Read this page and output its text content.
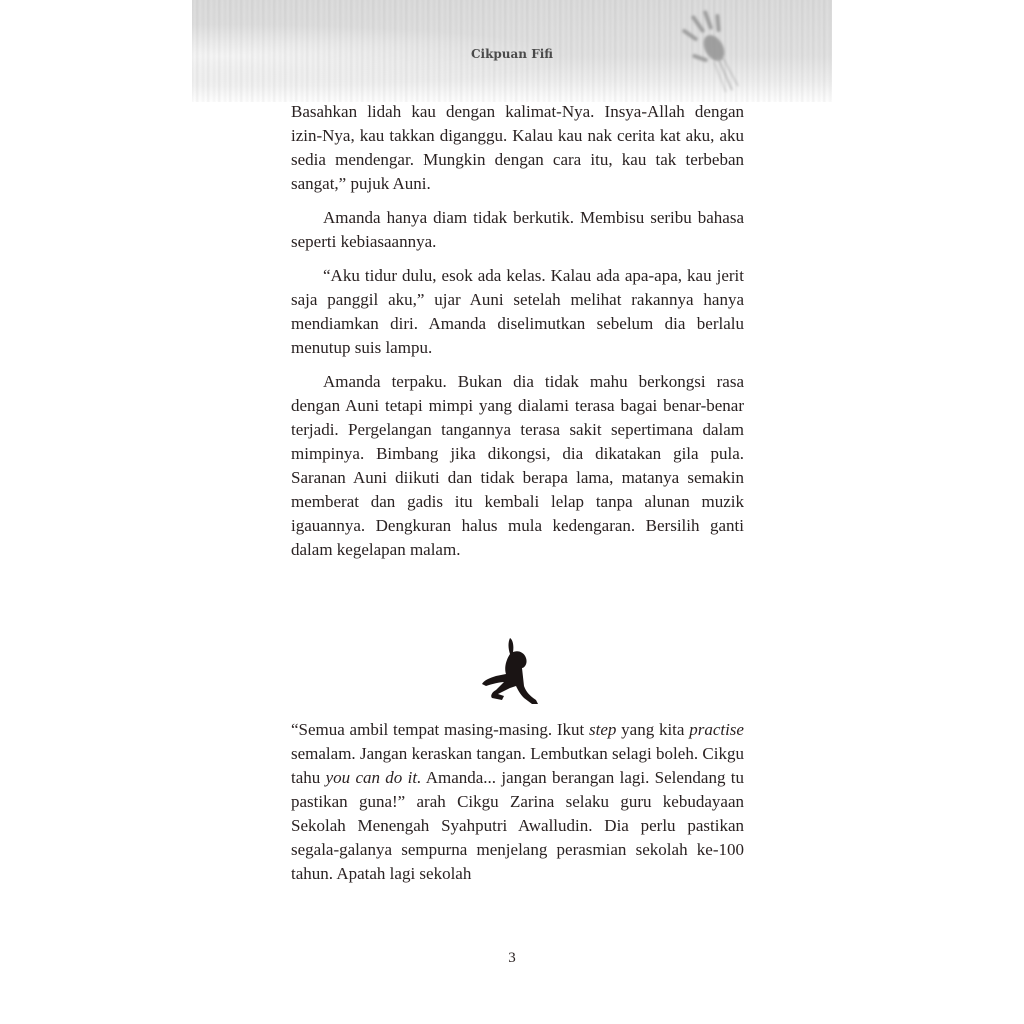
Cikpuan Fifi

Basahkan lidah kau dengan kalimat-Nya. Insya-Allah dengan izin-Nya, kau takkan diganggu. Kalau kau nak cerita kat aku, aku sedia mendengar. Mungkin dengan cara itu, kau tak terbeban sangat,” pujuk Auni.

Amanda hanya diam tidak berkutik. Membisu seribu bahasa seperti kebiasaannya.

“Aku tidur dulu, esok ada kelas. Kalau ada apa-apa, kau jerit saja panggil aku,” ujar Auni setelah melihat rakannya hanya mendiamkan diri. Amanda diselimutkan sebelum dia berlalu menutup suis lampu.

Amanda terpaku. Bukan dia tidak mahu berkongsi rasa dengan Auni tetapi mimpi yang dialami terasa bagai benar-benar terjadi. Pergelangan tangannya terasa sakit sepertimana dalam mimpinya. Bimbang jika dikongsi, dia dikatakan gila pula. Saranan Auni diikuti dan tidak berapa lama, matanya semakin memberat dan gadis itu kembali lelap tanpa alunan muzik igauannya. Dengkuran halus mula kedengaran. Bersilih ganti dalam kegelapan malam.

“Semua ambil tempat masing-masing. Ikut step yang kita practise semalam. Jangan keraskan tangan. Lembutkan selagi boleh. Cikgu tahu you can do it. Amanda... jangan berangan lagi. Selendang tu pastikan guna!” arah Cikgu Zarina selaku guru kebudayaan Sekolah Menengah Syahputri Awalludin. Dia perlu pastikan segala-galanya sempurna menjelang perasmian sekolah ke-100 tahun. Apatah lagi sekolah

3
